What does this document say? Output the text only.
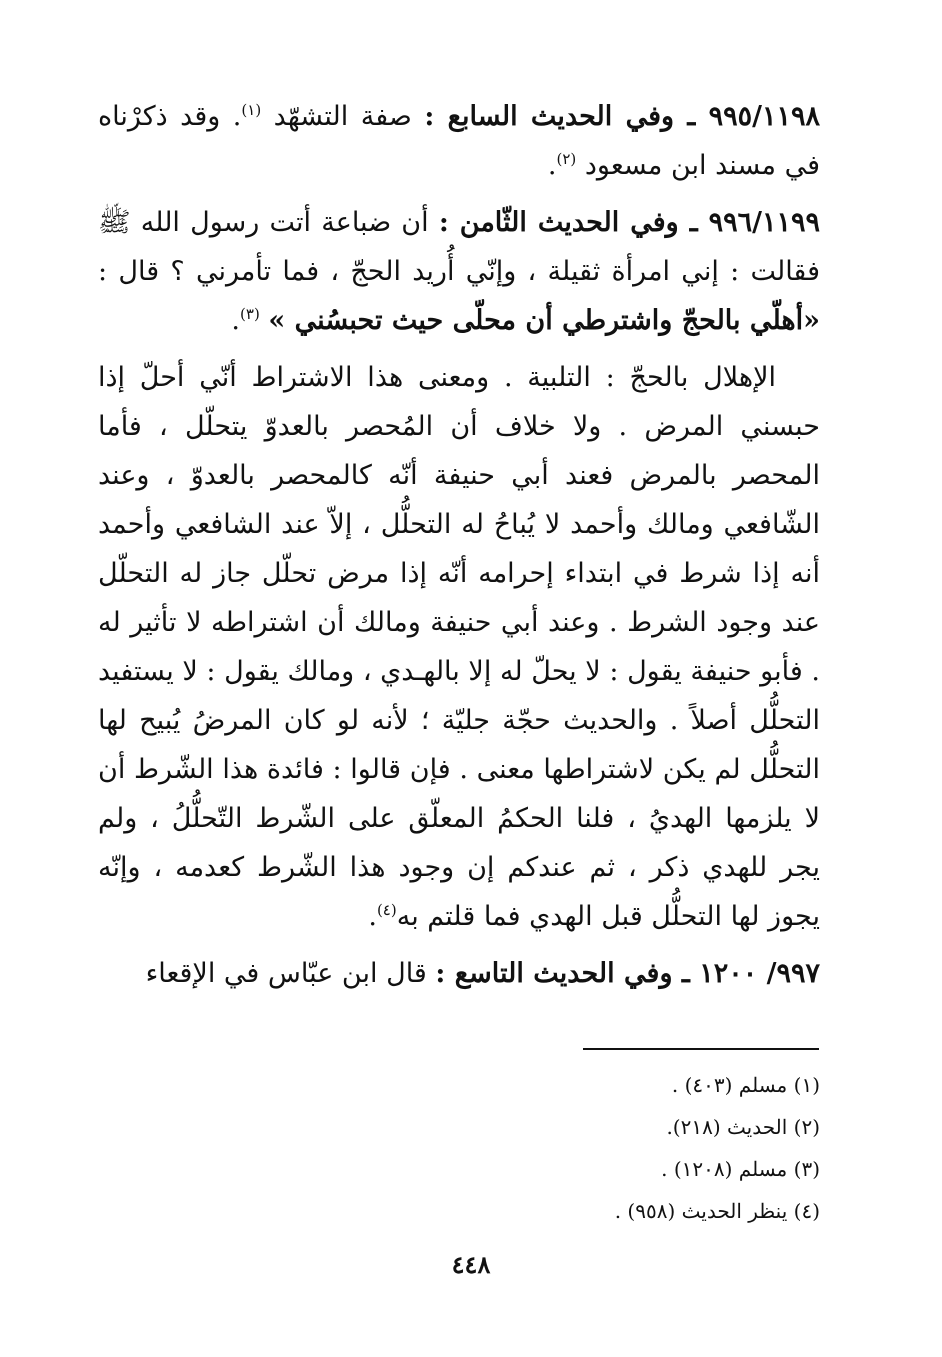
٩٩٥/١١٩٨ ـ وفي الحديث السابع : صفة التشهّد $^{(١)}$. وقد ذكرْناه في مسند ابن مسعود $^{(٢)}$.

٩٩٦/١١٩٩ ـ وفي الحديث الثّامن : أن ضباعة أتت رسول الله ﷺ فقالت : إني امرأة ثقيلة ، وإنّي أُريد الحجّ ، فما تأمرني ؟ قال : «أهلّي بالحجّ واشترطي أن محلّى حيث تحبسُني » $^{(٣)}$.

الإهلال بالحجّ : التلبية . ومعنى هذا الاشتراط أنّي أحلّ إذا حبسني المرض . ولا خلاف أن المُحصر بالعدوّ يتحلّل ، فأما المحصر بالمرض فعند أبي حنيفة أنّه كالمحصر بالعدوّ ، وعند الشّافعي ومالك وأحمد لا يُباحُ له التحلُّل ، إلاّ عند الشافعي وأحمد أنه إذا شرط في ابتداء إحرامه أنّه إذا مرض تحلّل جاز له التحلّل عند وجود الشرط . وعند أبي حنيفة ومالك أن اشتراطه لا تأثير له . فأبو حنيفة يقول : لا يحلّ له إلا بالهـدي ، ومالك يقول : لا يستفيد التحلُّل أصلاً . والحديث حجّة جليّة ؛ لأنه لو كان المرضُ يُبيح لها التحلُّل لم يكن لاشتراطها معنى . فإن قالوا : فائدة هذا الشّرط أن لا يلزمها الهديُ ، فلنا الحكمُ المعلّق على الشّرط التّحلُّلُ ، ولم يجر للهدي ذكر ، ثم عندكم إن وجود هذا الشّرط كعدمه ، وإنّه يجوز لها التحلُّل قبل الهدي فما قلتم به$^{(٤)}$.

٩٩٧/ ١٢٠٠ ـ وفي الحديث التاسع : قال ابن عبّاس في الإقعاء

(١) مسلم (٤٠٣) .

(٢) الحديث (٢١٨).

(٣) مسلم (١٢٠٨) .

(٤) ينظر الحديث (٩٥٨) .

٤٤٨
